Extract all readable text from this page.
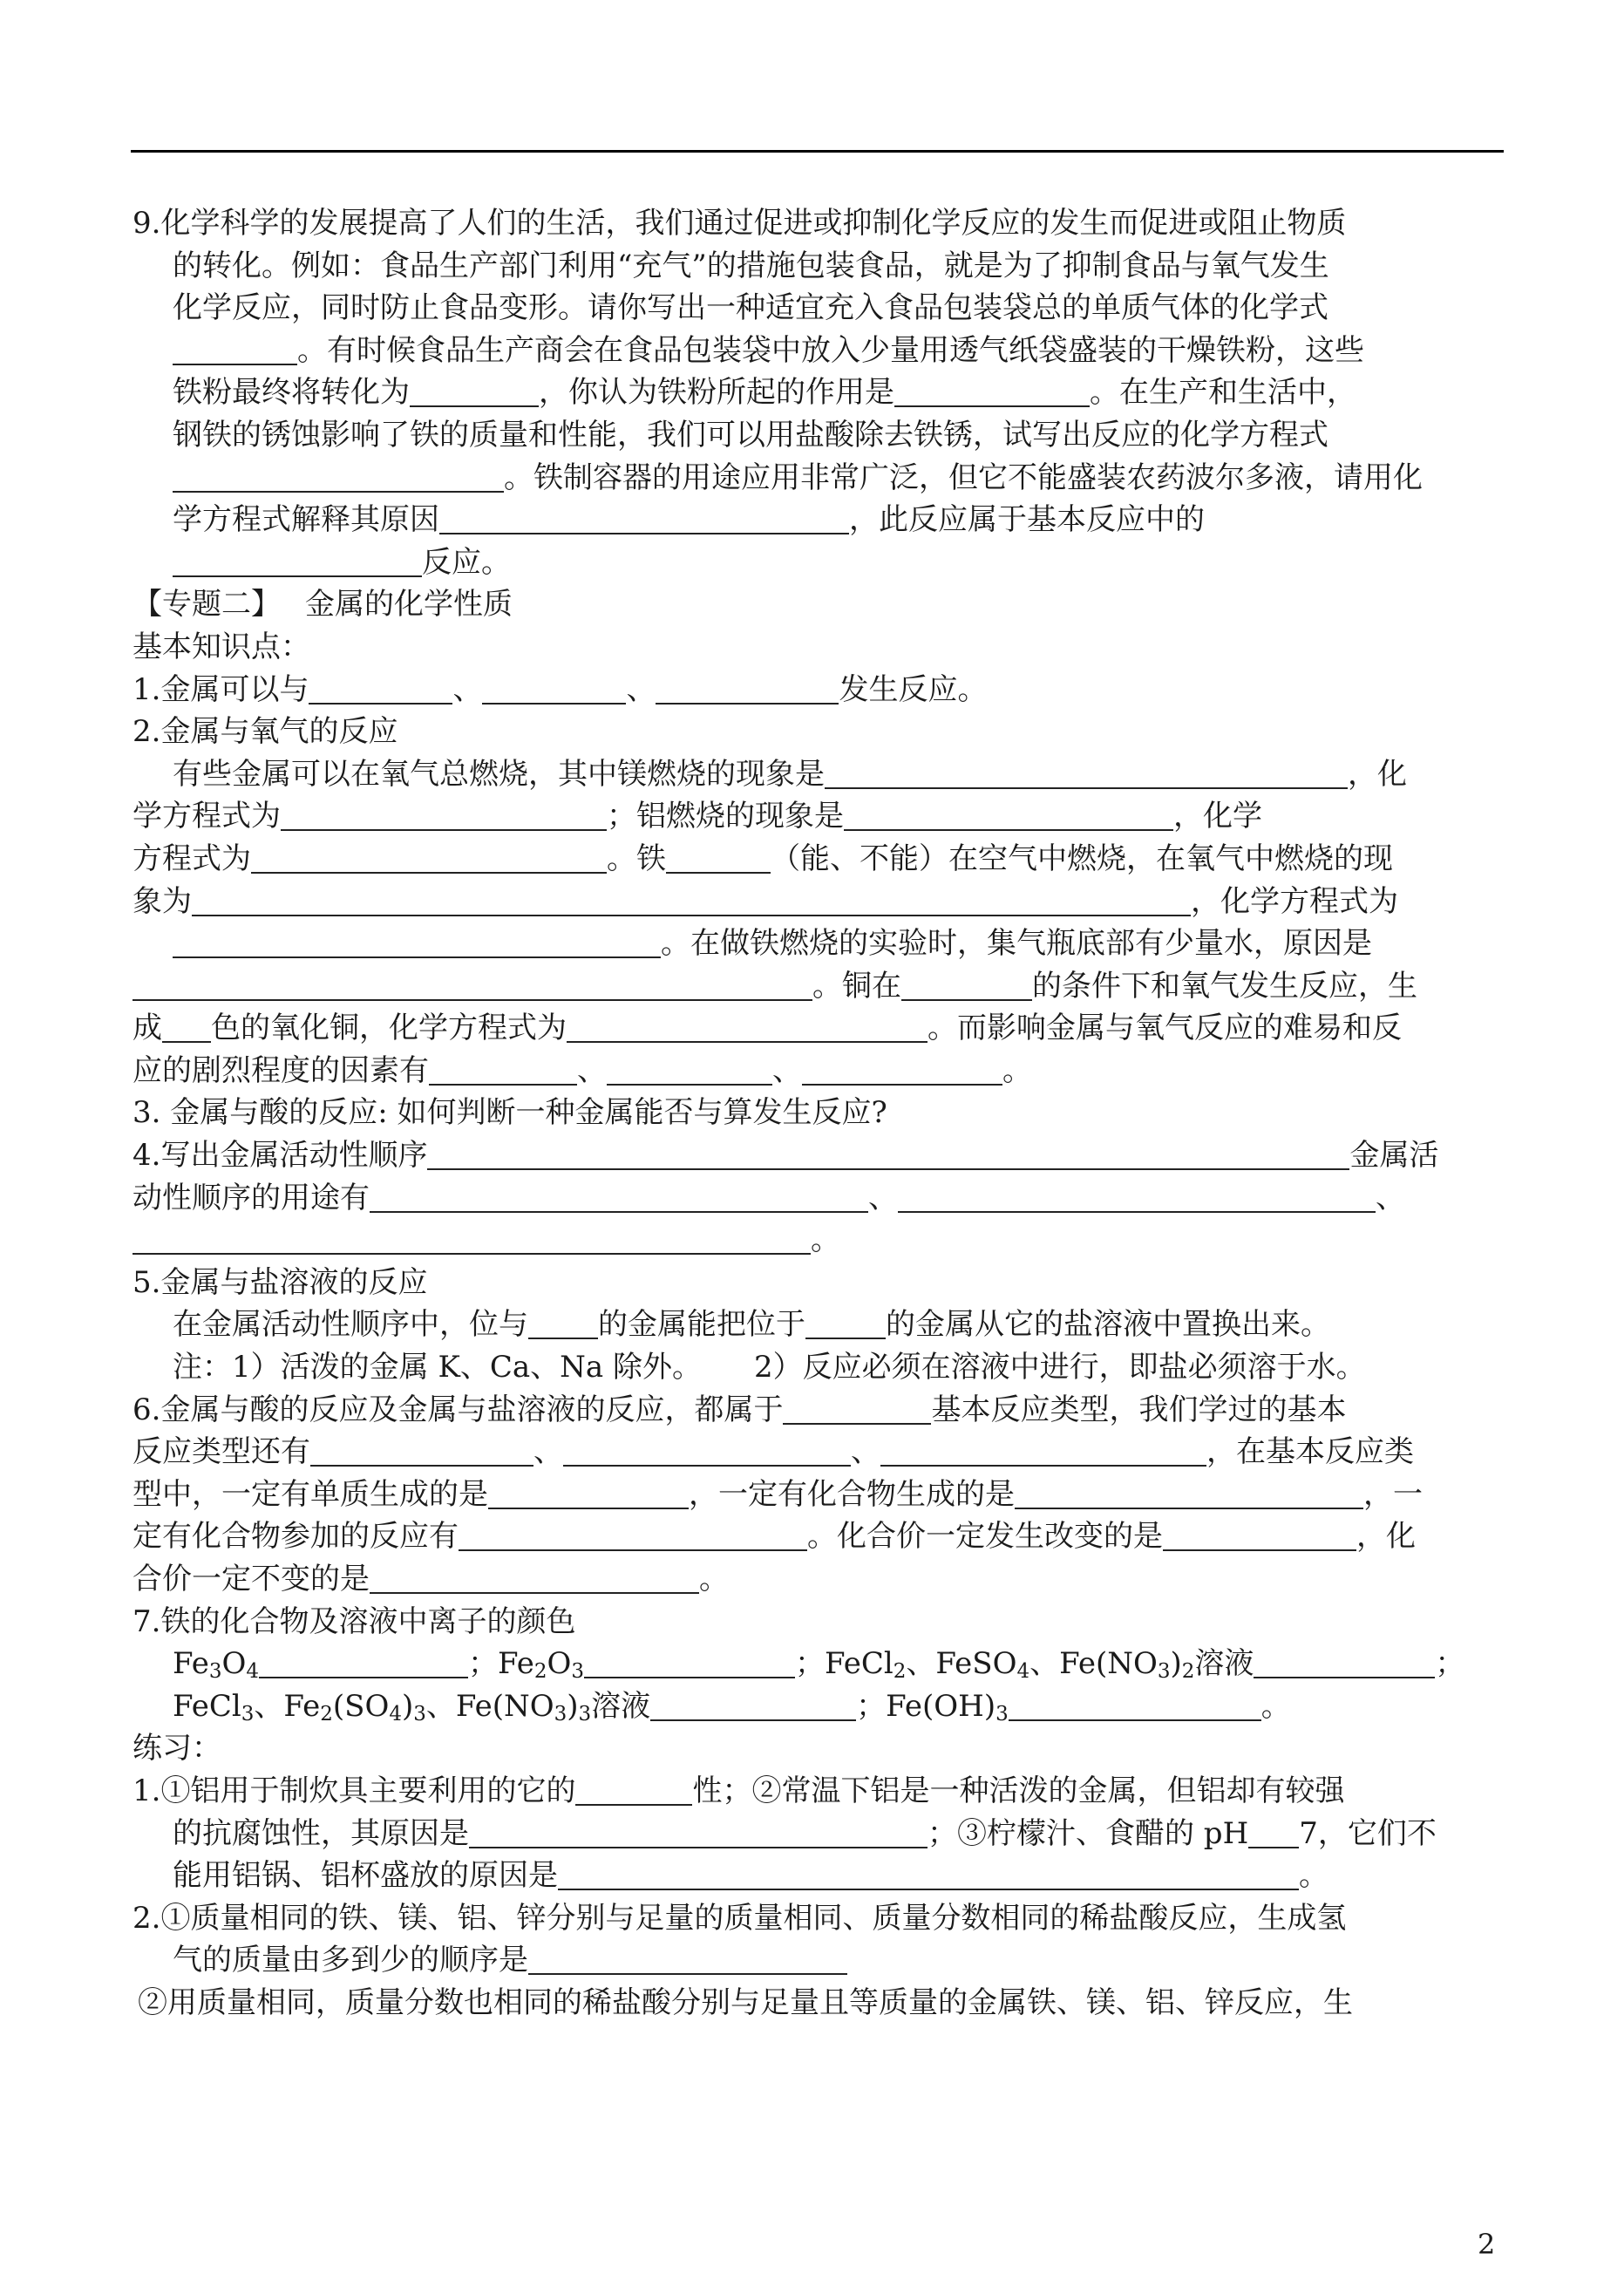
9.化学科学的发展提高了人们的生活，我们通过促进或抑制化学反应的发生而促进或阻止物质
的转化。例如：食品生产部门利用“充气”的措施包装食品，就是为了抑制食品与氧气发生
化学反应，同时防止食品变形。请你写出一种适宜充入食品包装袋总的单质气体的化学式
。有时候食品生产商会在食品包装袋中放入少量用透气纸袋盛装的干燥铁粉，这些
铁粉最终将转化为	，你认为铁粉所起的作用是	。在生产和生活中，
钢铁的锈蚀影响了铁的质量和性能，我们可以用盐酸除去铁锈，试写出反应的化学方程式
。铁制容器的用途应用非常广泛，但它不能盛装农药波尔多液，请用化
学方程式解释其原因	，此反应属于基本反应中的
反应。
【专题二】 金属的化学性质
基本知识点：
1.金属可以与	、	、	发生反应。
2.金属与氧气的反应
有些金属可以在氧气总燃烧，其中镁燃烧的现象是	，化
学方程式为	；铝燃烧的现象是	，化学
方程式为	。铁	（能、不能）在空气中燃烧，在氧气中燃烧的现
象为	，化学方程式为
。在做铁燃烧的实验时，集气瓶底部有少量水，原因是
。铜在	的条件下和氧气发生反应，生
成 色的氧化铜，化学方程式为	。而影响金属与氧气反应的难易和反
应的剧烈程度的因素有	、	、	。
3. 金属与酸的反应: 如何判断一种金属能否与算发生反应?
4.写出金属活动性顺序	金属活
动性顺序的用途有	、	、
。
5.金属与盐溶液的反应
在金属活动性顺序中，位与 的金属能把位于	的金属从它的盐溶液中置换出来。
注：1）活泼的金属 K、Ca、Na 除外。 2）反应必须在溶液中进行，即盐必须溶于水。
6.金属与酸的反应及金属与盐溶液的反应，都属于	基本反应类型，我们学过的基本
反应类型还有	、	、	，在基本反应类
型中，一定有单质生成的是	，一定有化合物生成的是	，一
定有化合物参加的反应有	。化合价一定发生改变的是	，化
合价一定不变的是	。
7.铁的化合物及溶液中离子的颜色
$Fe_3O_4$	；$Fe_2O_3$	；FeCl$_2$、FeSO$_4$、$Fe(NO_3)_2$溶液	；
FeCl$_3$、$Fe_2(SO_4)_3$、$Fe(NO_3)_3$溶液	；$Fe(OH)_3$	。
练习：
1.①铝用于制炊具主要利用的它的	性；②常温下铝是一种活泼的金属，但铝却有较强
的抗腐蚀性，其原因是	；③柠檬汁、食醋的 pH 7，它们不
能用铝锅、铝杯盛放的原因是	。
2.①质量相同的铁、镁、铝、锌分别与足量的质量相同、质量分数相同的稀盐酸反应，生成氢
气的质量由多到少的顺序是
②用质量相同，质量分数也相同的稀盐酸分别与足量且等质量的金属铁、镁、铝、锌反应，生
2
